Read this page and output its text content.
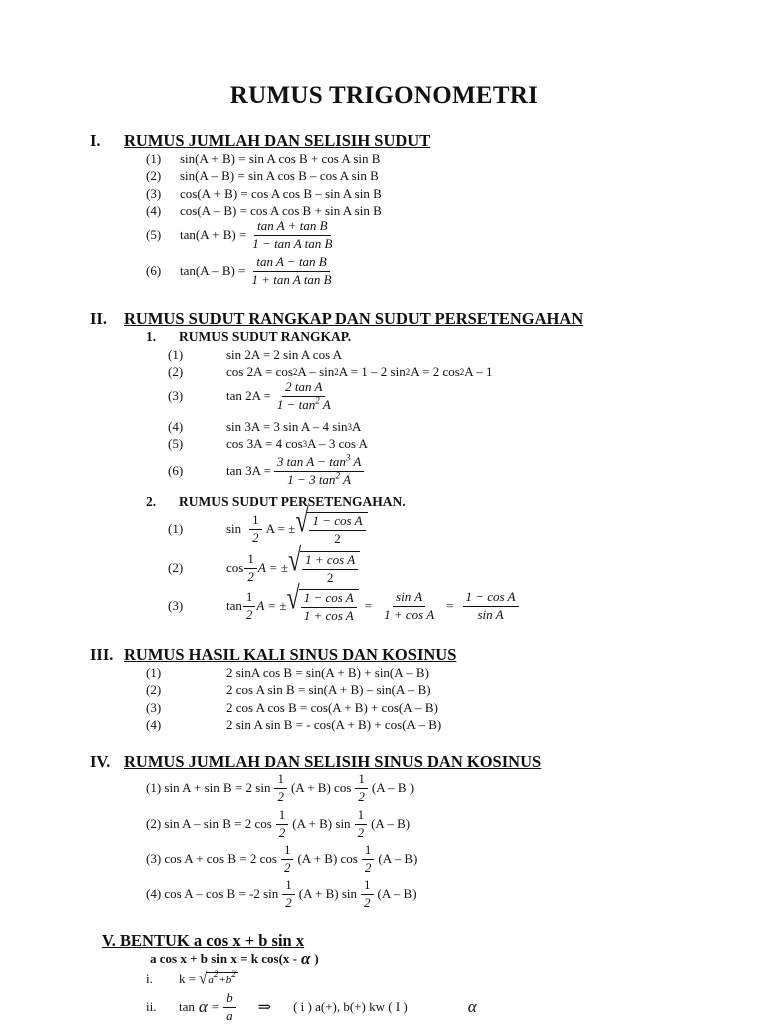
RUMUS TRIGONOMETRI
I. RUMUS JUMLAH DAN SELISIH SUDUT
(1)	sin(A + B) = sin A cos B + cos A sin B
(2)	sin(A – B) = sin A cos B – cos A sin B
(3)	cos(A + B) = cos A cos B – sin A sin B
(4)	cos(A – B) = cos A cos B + sin A sin B
(5)	$\tan(A + B) = \frac{\text{tan A + tan B}}{\text{1 − tan A tan B}}$
(6)	$\tan(A - B) = \frac{\text{tan A − tan B}}{\text{1 + tan A tan B}}$
II. RUMUS SUDUT RANGKAP DAN SUDUT PERSETENGAHAN
1. RUMUS SUDUT RANGKAP.
(1)	sin 2A = 2 sin A cos A
(2)	cos 2A = cos 2 A – sin 2 A = 1 – 2 sin 2 A = 2 cos 2 A – 1
(3)	$\tan 2A = \frac{\text{2 tan A}}{1 - \tan^2 A}$
(4)	sin 3A = 3 sin A – 4 sin 3 A
(5)	cos 3A = 4 cos 3 A – 3 cos A
(6)	$\tan 3A = \frac{3 \tan A - \tan^3 A}{1 - 3 \tan^2 A}$
2. RUMUS SUDUT PERSETENGAHAN.
(1)	$\sin \frac{1}{2}$ A = ± √ $\frac{\text{1 − cos A}}{2}$
(2)	$\cos \frac{1}{2}$ A = ± √ $\frac{\text{1 + cos A}}{2}$
(3)	$\tan \frac{1}{2}$ A = ± √ $\frac{\text{1 − cos A}}{\text{1 + cos A}} = \frac{\text{sin A}}{\text{1 + cos A}} = \frac{\text{1 − cos A}}{\text{sin A}}$
III. RUMUS HASIL KALI SINUS DAN KOSINUS
(1)	2 sinA cos B = sin(A + B) + sin(A – B)
(2)	2 cos A sin B = sin(A + B) – sin(A – B)
(3)	2 cos A cos B = cos(A + B) + cos(A – B)
(4)	2 sin A sin B = - cos(A + B) + cos(A – B)
IV. RUMUS JUMLAH DAN SELISIH SINUS DAN KOSINUS
(1) sin A + sin B = 2 $\sin \frac{1}{2} (A + B)$ $\cos \frac{1}{2} (A$ – B )
(2) sin A – sin B = 2 $\cos \frac{1}{2} (A + B)$ $\sin \frac{1}{2} (A - B)$
(3) cos A + cos B = 2 $\cos \frac{1}{2} (A + B)$ $\cos \frac{1}{2} (A - B)$
(4) cos A – cos B = -2 $\sin \frac{1}{2} (A + B)$ $\sin \frac{1}{2} (A - B)$
V. BENTUK a cos x + b sin x
a cos x + b sin x = k cos(x - α )
i.	k = √ a 2 +b 2
ii.	$\tan \alpha = \frac{b}{a}$ ⇒ ( i ) a(+), b(+) kw ( I )	α
